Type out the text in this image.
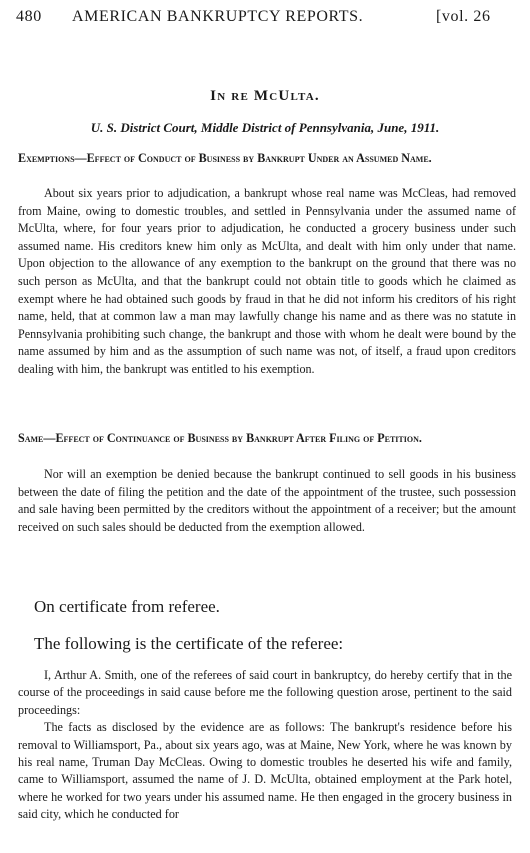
480 AMERICAN BANKRUPTCY REPORTS.	[vol. 26
In re McUlta.
U. S. District Court, Middle District of Pennsylvania, June, 1911.

Exemptions—Effect of Conduct of Business by Bankrupt Under an Assumed Name.

About six years prior to adjudication, a bankrupt whose real name was McCleas, had removed from Maine, owing to domestic troubles, and settled in Pennsylvania under the assumed name of McUlta, where, for four years prior to adjudication, he conducted a grocery business under such assumed name. His creditors knew him only as McUlta, and dealt with him only under that name. Upon objection to the allowance of any exemption to the bankrupt on the ground that there was no such person as McUlta, and that the bankrupt could not obtain title to goods which he claimed as exempt where he had obtained such goods by fraud in that he did not inform his creditors of his right name, held, that at common law a man may lawfully change his name and as there was no statute in Pennsylvania prohibiting such change, the bankrupt and those with whom he dealt were bound by the name assumed by him and as the assumption of such name was not, of itself, a fraud upon creditors dealing with him, the bankrupt was entitled to his exemption.

Same—Effect of Continuance of Business by Bankrupt After Filing of Petition.

Nor will an exemption be denied because the bankrupt continued to sell goods in his business between the date of filing the petition and the date of the appointment of the trustee, such possession and sale having been permitted by the creditors without the appointment of a receiver; but the amount received on such sales should be deducted from the exemption allowed.

On certificate from referee.
The following is the certificate of the referee:

I, Arthur A. Smith, one of the referees of said court in bankruptcy, do hereby certify that in the course of the proceedings in said cause before me the following question arose, pertinent to the said proceedings:

The facts as disclosed by the evidence are as follows: The bankrupt's residence before his removal to Williamsport, Pa., about six years ago, was at Maine, New York, where he was known by his real name, Truman Day McCleas. Owing to domestic troubles he deserted his wife and family, came to Williamsport, assumed the name of J. D. McUlta, obtained employment at the Park hotel, where he worked for two years under his assumed name. He then engaged in the grocery business in said city, which he conducted for
